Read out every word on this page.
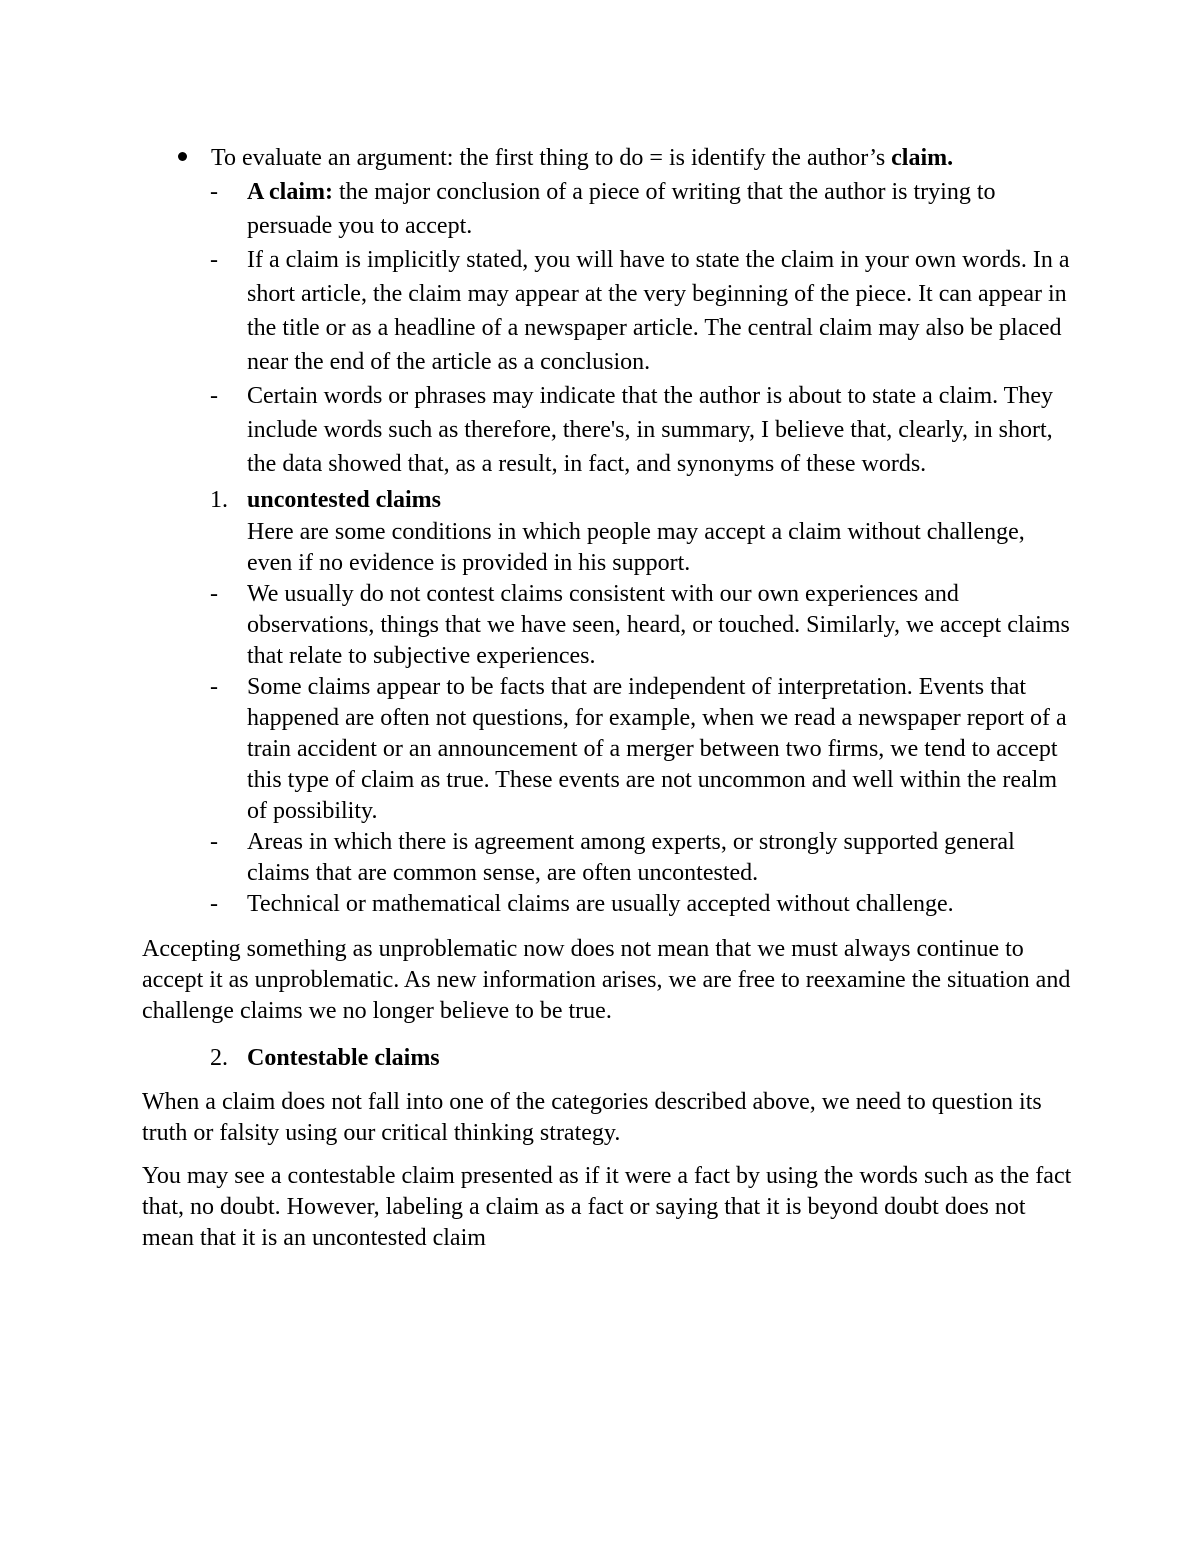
To evaluate an argument: the first thing to do = is identify the author’s claim.
-	A claim: the major conclusion of a piece of writing that the author is trying to persuade you to accept.
-	If a claim is implicitly stated, you will have to state the claim in your own words. In a short article, the claim may appear at the very beginning of the piece. It can appear in the title or as a headline of a newspaper article. The central claim may also be placed near the end of the article as a conclusion.
-	Certain words or phrases may indicate that the author is about to state a claim. They include words such as therefore, there's, in summary, I believe that, clearly, in short, the data showed that, as a result, in fact, and synonyms of these words.
1. uncontested claims
Here are some conditions in which people may accept a claim without challenge, even if no evidence is provided in his support.
-	We usually do not contest claims consistent with our own experiences and observations, things that we have seen, heard, or touched. Similarly, we accept claims that relate to subjective experiences.
-	Some claims appear to be facts that are independent of interpretation. Events that happened are often not questions, for example, when we read a newspaper report of a train accident or an announcement of a merger between two firms, we tend to accept this type of claim as true. These events are not uncommon and well within the realm of possibility.
-	Areas in which there is agreement among experts, or strongly supported general claims that are common sense, are often uncontested.
-	Technical or mathematical claims are usually accepted without challenge.

Accepting something as unproblematic now does not mean that we must always continue to accept it as unproblematic. As new information arises, we are free to reexamine the situation and challenge claims we no longer believe to be true.

2. Contestable claims

When a claim does not fall into one of the categories described above, we need to question its truth or falsity using our critical thinking strategy.

You may see a contestable claim presented as if it were a fact by using the words such as the fact that, no doubt. However, labeling a claim as a fact or saying that it is beyond doubt does not mean that it is an uncontested claim
